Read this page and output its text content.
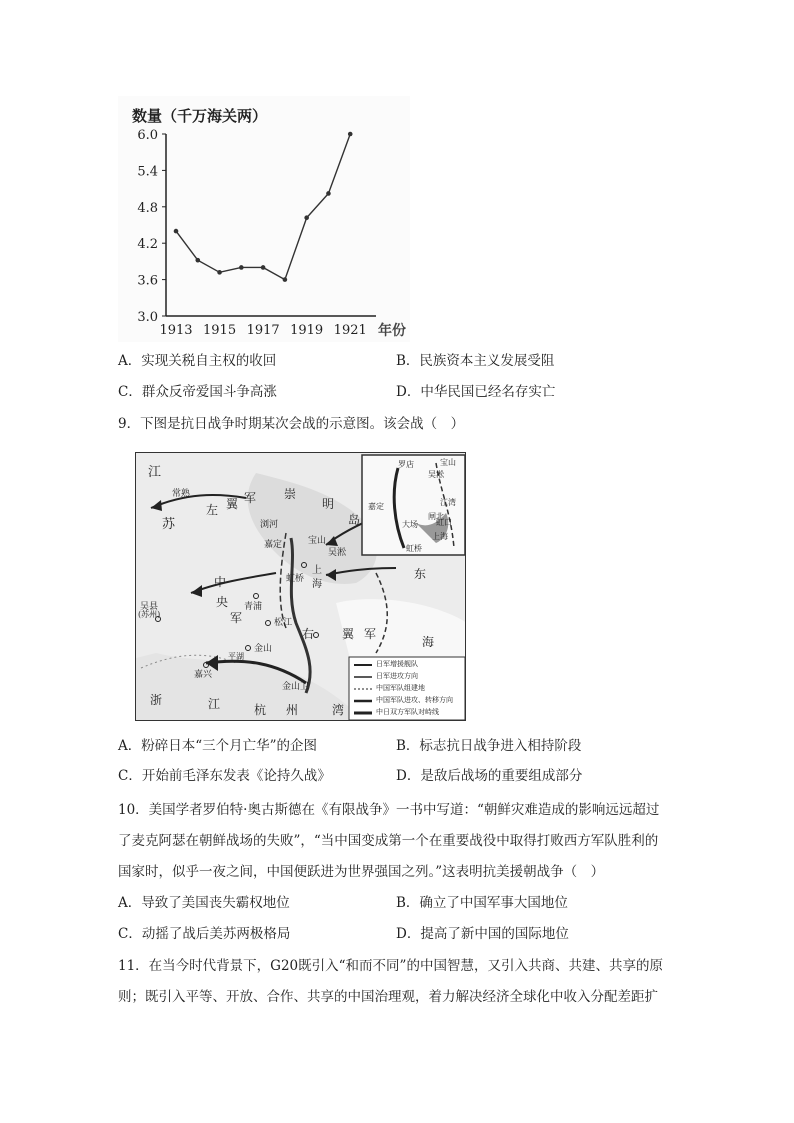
数量（千万海关两）
年份
6.0
5.4
4.8
4.2
3.6
3.0
1913 1915 1917 1919 1921
A．实现关税自主权的收回	B．民族资本主义发展受阻
C．群众反帝爱国斗争高涨	D．中华民国已经名存实亡
9．下图是抗日战争时期某次会战的示意图。该会战（　）
江
苏
常熟
左 翼 军 崇
明
岛
浏河
嘉定	宝山
吴淞
吴县
(苏州)
中
央
军
虹桥
青浦
松江
右 翼 军
金山
嘉兴
平湖
金山卫
东
海
浙	江	杭 州	湾
上
海
罗店	宝山
吴淞
嘉定	江湾
闸北
虹口
大场
上海
虹桥
日军增援舰队
日军进攻方向
中国军队组建地
中国军队进攻、转移方向
中日双方军队对峙线
A．粉碎日本“三个月亡华”的企图	B．标志抗日战争进入相持阶段
C．开始前毛泽东发表《论持久战》	D．是敌后战场的重要组成部分
10．美国学者罗伯特·奥古斯德在《有限战争》一书中写道：“朝鲜灾难造成的影响远远超过
了麦克阿瑟在朝鲜战场的失败”，“当中国变成第一个在重要战役中取得打败西方军队胜利的
国家时，似乎一夜之间，中国便跃进为世界强国之列。”这表明抗美援朝战争（　）
A．导致了美国丧失霸权地位	B．确立了中国军事大国地位
C．动摇了战后美苏两极格局	D．提高了新中国的国际地位
11．在当今时代背景下，G20既引入“和而不同”的中国智慧，又引入共商、共建、共享的原
则；既引入平等、开放、合作、共享的中国治理观，着力解决经济全球化中收入分配差距扩
